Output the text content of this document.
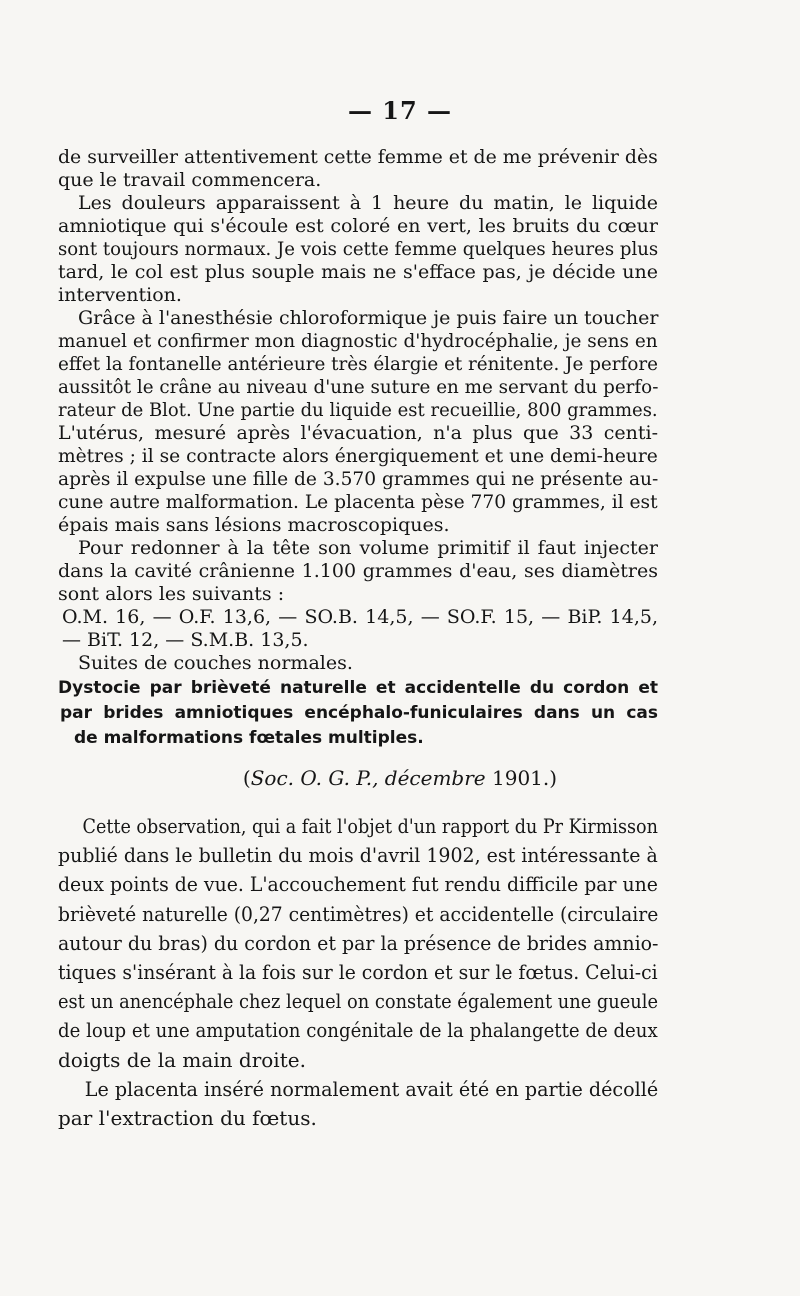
— 17 —
de surveiller attentivement cette femme et de me prévenir dès
que le travail commencera.
Les douleurs apparaissent à 1 heure du matin, le liquide
amniotique qui s'écoule est coloré en vert, les bruits du cœur
sont toujours normaux. Je vois cette femme quelques heures plus
tard, le col est plus souple mais ne s'efface pas, je décide une
intervention.
Grâce à l'anesthésie chloroformique je puis faire un toucher
manuel et confirmer mon diagnostic d'hydrocéphalie, je sens en
effet la fontanelle antérieure très élargie et rénitente. Je perfore
aussitôt le crâne au niveau d'une suture en me servant du perfo-
rateur de Blot. Une partie du liquide est recueillie, 800 grammes.
L'utérus, mesuré après l'évacuation, n'a plus que 33 centi-
mètres ; il se contracte alors énergiquement et une demi-heure
après il expulse une fille de 3.570 grammes qui ne présente au-
cune autre malformation. Le placenta pèse 770 grammes, il est
épais mais sans lésions macroscopiques.
Pour redonner à la tête son volume primitif il faut injecter
dans la cavité crânienne 1.100 grammes d'eau, ses diamètres
sont alors les suivants :
O.M. 16, — O.F. 13,6, — SO.B. 14,5, — SO.F. 15, — BiP. 14,5,
— BiT. 12, — S.M.B. 13,5.
Suites de couches normales.
Dystocie par brièveté naturelle et accidentelle du cordon et
par brides amniotiques encéphalo-funiculaires dans un cas
de malformations fœtales multiples.
(Soc. O. G. P., décembre 1901.)
Cette observation, qui a fait l'objet d'un rapport du Pr Kirmisson
publié dans le bulletin du mois d'avril 1902, est intéressante à
deux points de vue. L'accouchement fut rendu difficile par une
brièveté naturelle (0,27 centimètres) et accidentelle (circulaire
autour du bras) du cordon et par la présence de brides amnio-
tiques s'insérant à la fois sur le cordon et sur le fœtus. Celui-ci
est un anencéphale chez lequel on constate également une gueule
de loup et une amputation congénitale de la phalangette de deux
doigts de la main droite.
Le placenta inséré normalement avait été en partie décollé
par l'extraction du fœtus.
